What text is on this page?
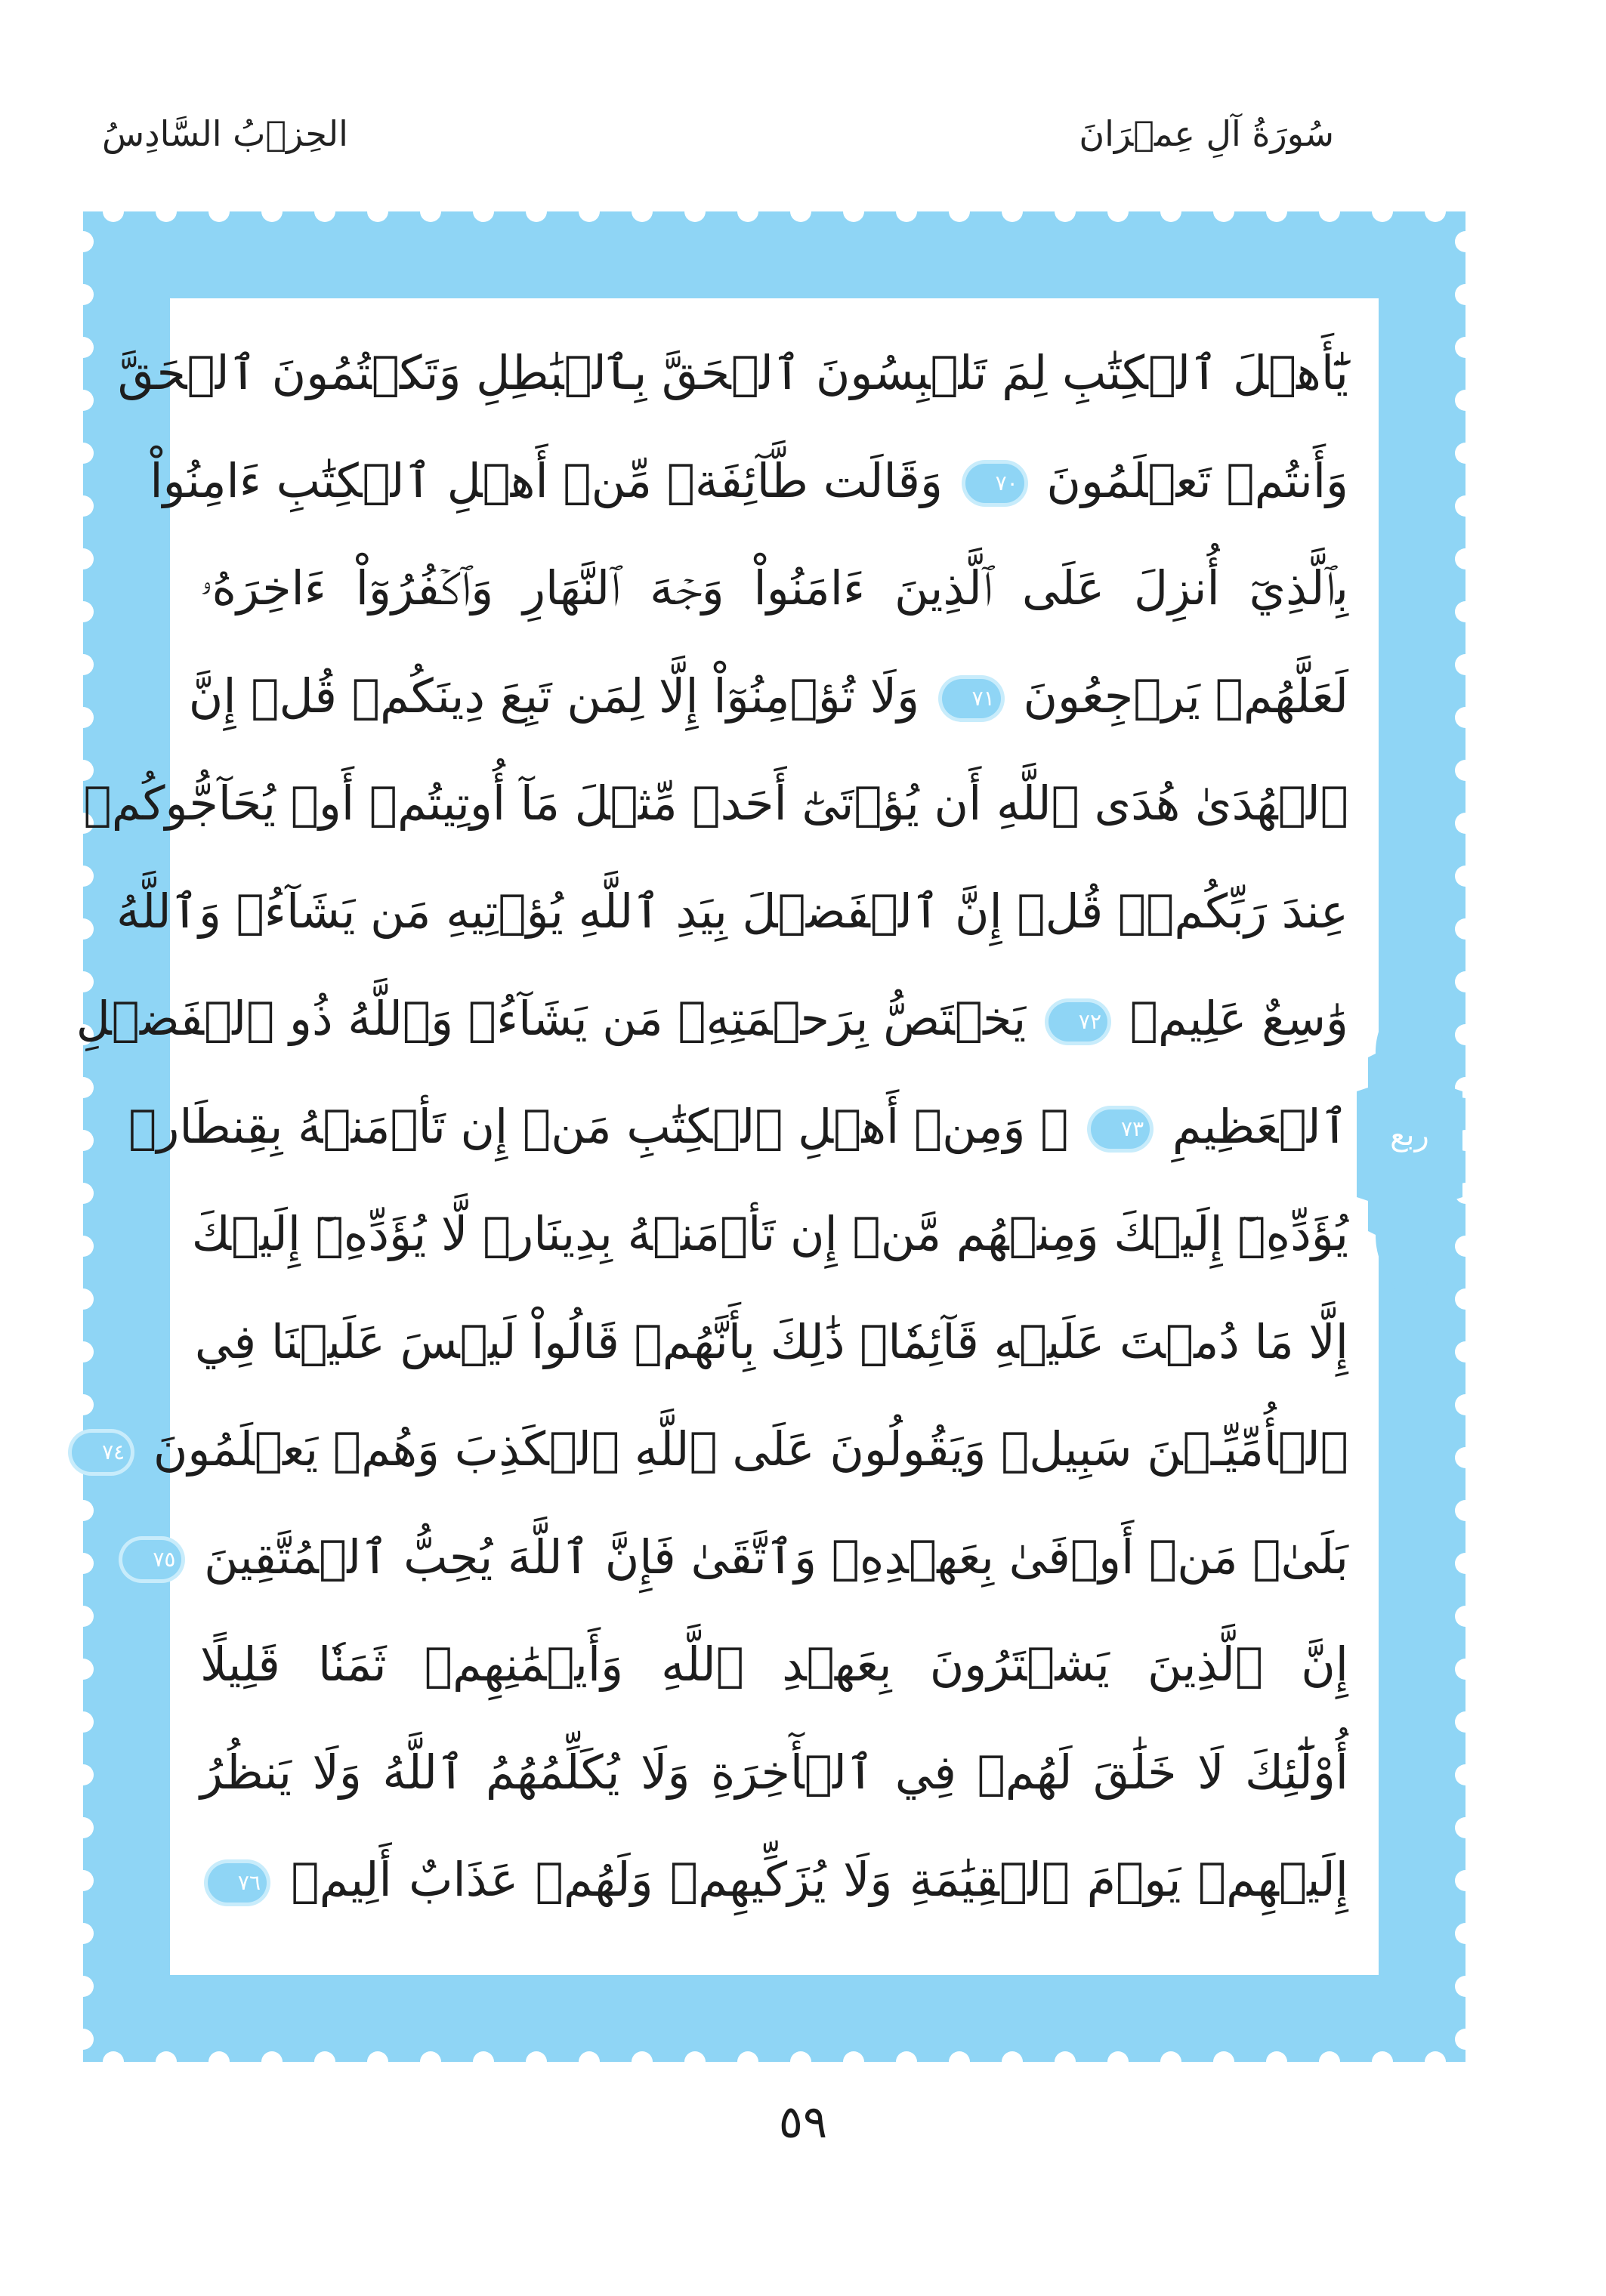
سُورَةُ آلِ عِمۡرَانَ
الحِزۡبُ السَّادِسُ
يَٰٓأَهۡلَ ٱلۡكِتَٰبِ لِمَ تَلۡبِسُونَ ٱلۡحَقَّ بِٱلۡبَٰطِلِ وَتَكۡتُمُونَ ٱلۡحَقَّ
وَأَنتُمۡ تَعۡلَمُونَ ٧٠ وَقَالَت طَّآئِفَةٞ مِّنۡ أَهۡلِ ٱلۡكِتَٰبِ ءَامِنُواْ
بِٱلَّذِيٓ أُنزِلَ عَلَى ٱلَّذِينَ ءَامَنُواْ وَجۡهَ ٱلنَّهَارِ وَٱكۡفُرُوٓاْ ءَاخِرَهُۥ
لَعَلَّهُمۡ يَرۡجِعُونَ ٧١ وَلَا تُؤۡمِنُوٓاْ إِلَّا لِمَن تَبِعَ دِينَكُمۡ قُلۡ إِنَّ
ٱلۡهُدَىٰ هُدَى ٱللَّهِ أَن يُؤۡتَىٰٓ أَحَدٞ مِّثۡلَ مَآ أُوتِيتُمۡ أَوۡ يُحَآجُّوكُمۡ
عِندَ رَبِّكُمۡۗ قُلۡ إِنَّ ٱلۡفَضۡلَ بِيَدِ ٱللَّهِ يُؤۡتِيهِ مَن يَشَآءُۗ وَٱللَّهُ
وَٰسِعٌ عَلِيمٞ ٧٢ يَخۡتَصُّ بِرَحۡمَتِهِۦ مَن يَشَآءُۗ وَٱللَّهُ ذُو ٱلۡفَضۡلِ
ٱلۡعَظِيمِ ٧٣ ۞ وَمِنۡ أَهۡلِ ٱلۡكِتَٰبِ مَنۡ إِن تَأۡمَنۡهُ بِقِنطَارٖ
يُؤَدِّهِۦٓ إِلَيۡكَ وَمِنۡهُم مَّنۡ إِن تَأۡمَنۡهُ بِدِينَارٖ لَّا يُؤَدِّهِۦٓ إِلَيۡكَ
إِلَّا مَا دُمۡتَ عَلَيۡهِ قَآئِمٗاۗ ذَٰلِكَ بِأَنَّهُمۡ قَالُواْ لَيۡسَ عَلَيۡنَا فِي
ٱلۡأُمِّيِّـۧنَ سَبِيلٞ وَيَقُولُونَ عَلَى ٱللَّهِ ٱلۡكَذِبَ وَهُمۡ يَعۡلَمُونَ ٧٤
بَلَىٰۚ مَنۡ أَوۡفَىٰ بِعَهۡدِهِۦ وَٱتَّقَىٰ فَإِنَّ ٱللَّهَ يُحِبُّ ٱلۡمُتَّقِينَ ٧٥
إِنَّ ٱلَّذِينَ يَشۡتَرُونَ بِعَهۡدِ ٱللَّهِ وَأَيۡمَٰنِهِمۡ ثَمَنٗا قَلِيلًا
أُوْلَٰٓئِكَ لَا خَلَٰقَ لَهُمۡ فِي ٱلۡأٓخِرَةِ وَلَا يُكَلِّمُهُمُ ٱللَّهُ وَلَا يَنظُرُ
إِلَيۡهِمۡ يَوۡمَ ٱلۡقِيَٰمَةِ وَلَا يُزَكِّيهِمۡ وَلَهُمۡ عَذَابٌ أَلِيمٞ ٧٦
ربع
٥٩
